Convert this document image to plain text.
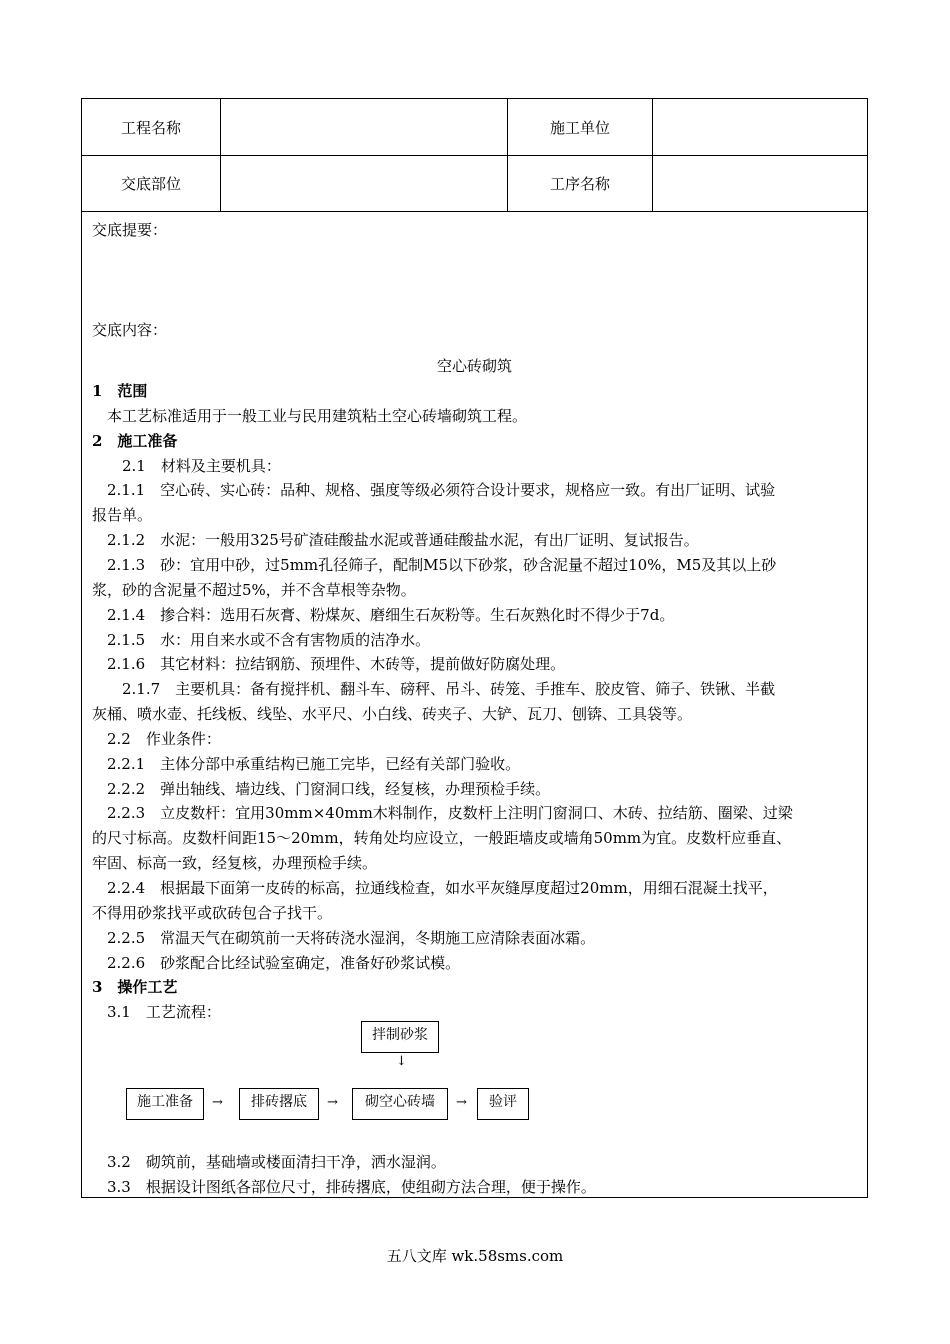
工程名称	施工单位
交底部位	工序名称
交底提要：
交底内容：
空心砖砌筑
1　范围
　本工艺标准适用于一般工业与民用建筑粘土空心砖墙砌筑工程。
2　施工准备
　　2.1　材料及主要机具：
　2.1.1　空心砖、实心砖：品种、规格、强度等级必须符合设计要求，规格应一致。有出厂证明、试验
报告单。
　2.1.2　水泥：一般用325号矿渣硅酸盐水泥或普通硅酸盐水泥，有出厂证明、复试报告。
　2.1.3　砂：宜用中砂，过5mm孔径筛子，配制M5以下砂浆，砂含泥量不超过10%，M5及其以上砂
浆，砂的含泥量不超过5%，并不含草根等杂物。
　2.1.4　掺合料：选用石灰膏、粉煤灰、磨细生石灰粉等。生石灰熟化时不得少于7d。
　2.1.5　水：用自来水或不含有害物质的洁净水。
　2.1.6　其它材料：拉结钢筋、预埋件、木砖等，提前做好防腐处理。
　　2.1.7　主要机具：备有搅拌机、翻斗车、磅秤、吊斗、砖笼、手推车、胶皮管、筛子、铁锹、半截
灰桶、喷水壶、托线板、线坠、水平尺、小白线、砖夹子、大铲、瓦刀、刨锛、工具袋等。
　2.2　作业条件：
　2.2.1　主体分部中承重结构已施工完毕，已经有关部门验收。
　2.2.2　弹出轴线、墙边线、门窗洞口线，经复核，办理预检手续。
　2.2.3　立皮数杆：宜用30mm×40mm木料制作，皮数杆上注明门窗洞口、木砖、拉结筋、圈梁、过梁
的尺寸标高。皮数杆间距15～20mm，转角处均应设立，一般距墙皮或墙角50mm为宜。皮数杆应垂直、
牢固、标高一致，经复核，办理预检手续。
　2.2.4　根据最下面第一皮砖的标高，拉通线检查，如水平灰缝厚度超过20mm，用细石混凝土找平，
不得用砂浆找平或砍砖包合子找干。
　2.2.5　常温天气在砌筑前一天将砖浇水湿润，冬期施工应清除表面冰霜。
　2.2.6　砂浆配合比经试验室确定，准备好砂浆试模。
3　操作工艺
　3.1　工艺流程：
拌制砂浆
↓
施工准备	→	排砖撂底	→	砌空心砖墙	→	验评
　3.2　砌筑前，基础墙或楼面清扫干净，洒水湿润。
　3.3　根据设计图纸各部位尺寸，排砖撂底，使组砌方法合理，便于操作。
五八文库 wk.58sms.com
